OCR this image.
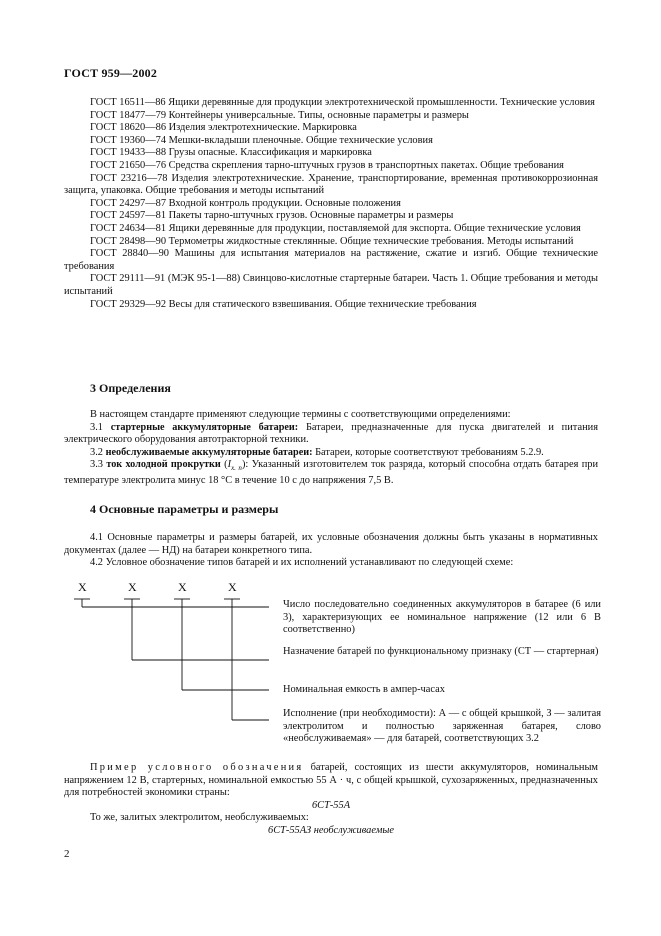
ГОСТ 959—2002

ГОСТ 16511—86 Ящики деревянные для продукции электротехнической промышленности. Технические условия

ГОСТ 18477—79 Контейнеры универсальные. Типы, основные параметры и размеры

ГОСТ 18620—86 Изделия электротехнические. Маркировка

ГОСТ 19360—74 Мешки-вкладыши пленочные. Общие технические условия

ГОСТ 19433—88 Грузы опасные. Классификация и маркировка

ГОСТ 21650—76 Средства скрепления тарно-штучных грузов в транспортных пакетах. Общие требования

ГОСТ 23216—78 Изделия электротехнические. Хранение, транспортирование, временная противокоррозионная защита, упаковка. Общие требования и методы испытаний

ГОСТ 24297—87 Входной контроль продукции. Основные положения

ГОСТ 24597—81 Пакеты тарно-штучных грузов. Основные параметры и размеры

ГОСТ 24634—81 Ящики деревянные для продукции, поставляемой для экспорта. Общие технические условия

ГОСТ 28498—90 Термометры жидкостные стеклянные. Общие технические требования. Методы испытаний

ГОСТ 28840—90 Машины для испытания материалов на растяжение, сжатие и изгиб. Общие технические требования

ГОСТ 29111—91 (МЭК 95-1—88) Свинцово-кислотные стартерные батареи. Часть 1. Общие требования и методы испытаний

ГОСТ 29329—92 Весы для статического взвешивания. Общие технические требования

3 Определения

В настоящем стандарте применяют следующие термины с соответствующими определениями:

3.1 стартерные аккумуляторные батареи: Батареи, предназначенные для пуска двигателей и питания электрического оборудования автотракторной техники.

3.2 необслуживаемые аккумуляторные батареи: Батареи, которые соответствуют требованиям 5.2.9.

3.3 ток холодной прокрутки $(I_{х. п})$: Указанный изготовителем ток разряда, который способна отдать батарея при температуре электролита минус 18 °С в течение 10 с до напряжения 7,5 В.

4 Основные параметры и размеры

4.1 Основные параметры и размеры батарей, их условные обозначения должны быть указаны в нормативных документах (далее — НД) на батареи конкретного типа.

4.2 Условное обозначение типов батарей и их исполнений устанавливают по следующей схеме:

X	X	X	X

Число последовательно соединенных аккумуляторов в батарее (6 или 3), характеризующих ее номинальное напряжение (12 или 6 В соответственно)

Назначение батарей по функциональному признаку (СТ — стартерная)

Номинальная емкость в ампер-часах

Исполнение (при необходимости): А — с общей крышкой, З — залитая электролитом и полностью заряженная батарея, слово «необслуживаемая» — для батарей, соответствующих 3.2

Пример условного обозначения батарей, состоящих из шести аккумуляторов, номинальным напряжением 12 В, стартерных, номинальной емкостью 55 А · ч, с общей крышкой, сухозаряженных, предназначенных для потребностей экономики страны:

6СТ-55А

То же, залитых электролитом, необслуживаемых:

6СТ-55АЗ необслуживаемые

2
